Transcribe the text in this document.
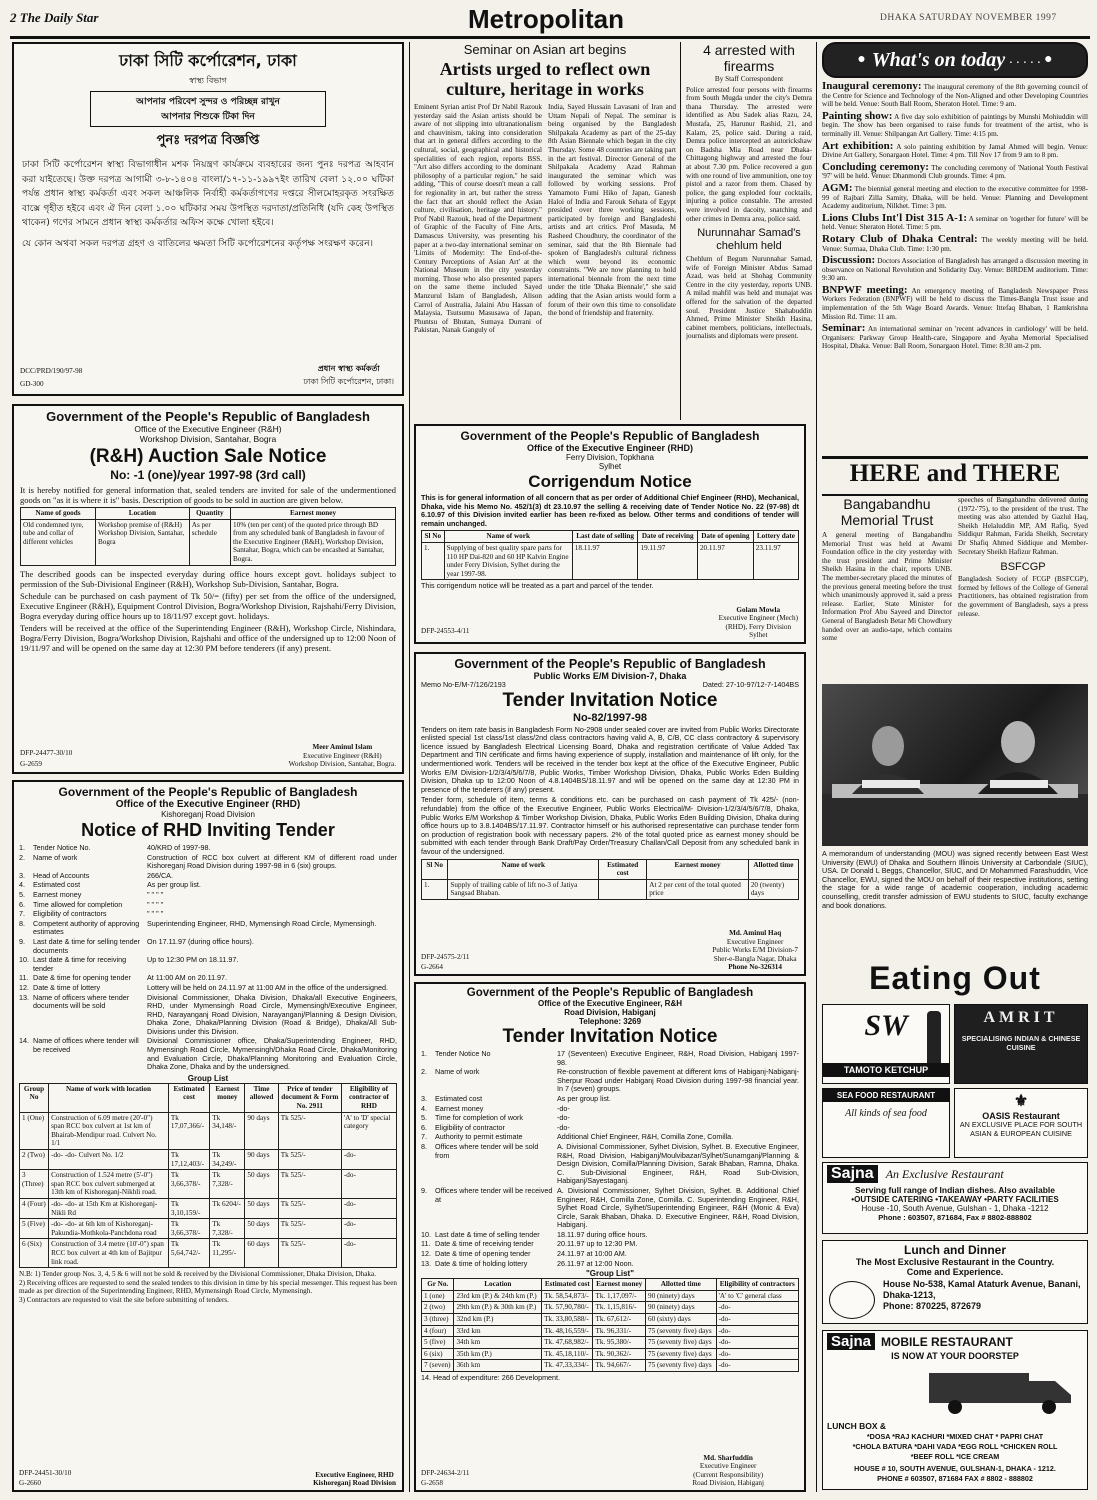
2 The Daily Star	Metropolitan	DHAKA SATURDAY NOVEMBER 1997
ঢাকা সিটি কর্পোরেশন, ঢাকা
স্বাস্থ্য বিভাগ
আপনার পরিবেশ সুন্দর ও পরিচ্ছন্ন রাখুন
আপনার শিশুকে টিকা দিন
পুনঃ দরপত্র বিজ্ঞপ্তি
ঢাকা সিটি কর্পোরেশন স্বাস্থ্য বিভাগাধীন মশক নিয়ন্ত্রণ কার্যক্রমে ব্যবহারের জন্য পুনঃ দরপত্র আহবান করা যাইতেছে। উক্ত দরপত্র আগামী ৩-৮-১৪০৪ বাংলা/১৭-১১-১৯৯৭ইং তারিখ বেলা ১২.০০ ঘটিকা পর্যন্ত প্রধান স্বাস্থ্য কর্মকর্তা এবং সকল আঞ্চলিক নির্বাহী কর্মকর্তাগণের দপ্তরে সীলমোহরকৃত সংরক্ষিত বাক্সে গৃহীত হইবে এবং ঐ দিন বেলা ১.০০ ঘটিকার সময় উপস্থিত দরদাতা/প্রতিনিধি (যদি কেহ উপস্থিত থাকেন) গণের সামনে প্রধান স্বাস্থ্য কর্মকর্তার অফিস কক্ষে খোলা হইবে।
যে কোন অথবা সকল দরপত্র গ্রহণ ও বাতিলের ক্ষমতা সিটি কর্পোরেশনের কর্তৃপক্ষ সংরক্ষণ করেন।
DCC/PRD/190/97-98
GD-300
প্রধান স্বাস্থ্য কর্মকর্তা
ঢাকা সিটি কর্পোরেশন, ঢাকা।
Government of the People's Republic of Bangladesh
Office of the Executive Engineer (R&H)
Workshop Division, Santahar, Bogra
(R&H) Auction Sale Notice
No: -1 (one)/year 1997-98 (3rd call)
It is hereby notified for general information that, sealed tenders are invited for sale of the undermentioned goods on "as it is where it is" basis. Description of goods to be sold in auction are given below.
Name of goods	Location	Quantity	Earnest money
Old condemned tyre, tube and collar of different vehicles	Workshop premise of (R&H) Workshop Division, Santahar, Bogra	As per schedule	10% (ten per cent) of the quoted price through BD from any scheduled bank of Bangladesh in favour of the Executive Engineer (R&H), Workshop Division, Santahar, Bogra, which can be encashed at Santahar, Bogra.
The described goods can be inspected everyday during office hours except govt. holidays subject to permission of the Sub-Divisional Engineer (R&H), Workshop Sub-Division, Santahar, Bogra.
Schedule can be purchased on cash payment of Tk 50/= (fifty) per set from the office of the undersigned, Executive Engineer (R&H), Equipment Control Division, Bogra/Workshop Division, Rajshahi/Ferry Division, Bogra everyday during office hours up to 18/11/97 except govt. holidays.
Tenders will be received at the office of the Superintending Engineer (R&H), Workshop Circle, Nishindara, Bogra/Ferry Division, Bogra/Workshop Division, Rajshahi and office of the undersigned up to 12:00 Noon of 19/11/97 and will be opened on the same day at 12:30 PM before tenderers (if any) present.
DFP-24477-30/10
G-2659
Meer Aminul Islam
Executive Engineer (R&H)
Workshop Division, Santahar, Bogra.
Government of the People's Republic of Bangladesh
Office of the Executive Engineer (RHD)
Kishoreganj Road Division
Notice of RHD Inviting Tender
1.	Tender Notice No.	40/KRD of 1997-98.
2.	Name of work	Construction of RCC box culvert at different KM of different road under Kishoreganj Road Division during 1997-98 in 6 (six) groups.
3.	Head of Accounts	266/CA.
4.	Estimated cost	As per group list.
5.	Earnest money	" " " "
6.	Time allowed for completion	" " " "
7.	Eligibility of contractors	" " " "
8.	Competent authority of approving estimates
Superintending Engineer, RHD, Mymensingh Road Circle, Mymensingh.
9.	Last date & time for selling tender documents
On 17.11.97 (during office hours).
10. Last date & time for receiving tender
Up to 12:30 PM on 18.11.97.
11. Date & time for opening tender	At 11:00 AM on 20.11.97.
12. Date & time of lottery	Lottery will be held on 24.11.97 at 11:00 AM in the office of the undersigned.
13. Name of officers where tender documents will be sold
Divisional Commissioner, Dhaka Division, Dhaka/all Executive Engineers, RHD, under Mymensingh Road Circle, Mymensingh/Executive Engineer, RHD, Narayanganj Road Division, Narayanganj/Planning & Design Division, Dhaka Zone, Dhaka/Planning Division (Road & Bridge), Dhaka/All Sub-Divisions under this Division.
14. Name of offices where tender will be received
Divisional Commissioner office, Dhaka/Superintending Engineer, RHD, Mymensingh Road Circle, Mymensingh/Dhaka Road Circle, Dhaka/Monitoring and Evaluation Circle, Dhaka/Planning Monitoring and Evaluation Circle, Dhaka Zone, Dhaka and by the undersigned.
Group List
Group No	Name of work with location	Estimated cost	Earnest money	Time allowed	Price of tender document & Form No. 2911	Eligibility of contractor of RHD
1 (One)	Construction of 6.09 metre (20'-0") span RCC box culvert at 1st km of Bhairab-Mendipur road. Culvert No. 1/1	Tk 17,07,366/-	Tk 34,148/-	90 days	Tk 525/-	'A' to 'D' special category
2 (Two)	-do- -do- Culvert No. 1/2	Tk 17,12,403/-	Tk 34,249/-	90 days	Tk 525/-	-do-
3 (Three)	Construction of 1.524 metre (5'-0") span RCC box culvert submerged at 13th km of Kishoreganj-Nikhli road.	Tk 3,66,378/-	Tk 7,328/-	50 days	Tk 525/-	-do-
4 (Four)	-do- -do- at 15th Km at Kishoreganj-Nikli Rd	Tk 3,10,159/-	Tk 6204/-	50 days	Tk 525/-	-do-
5 (Five)	-do- -do- at 6th km of Kishoreganj-Pakundia-Mothkola-Panchdona road	Tk 3,66,378/-	Tk 7,328/-	50 days	Tk 525/-	-do-
6 (Six)	Construction of 3.4 metre (10'-0") span RCC box culvert at 4th km of Bajitpur link road.	Tk 5,64,742/-	Tk 11,295/-	60 days	Tk 525/-	-do-
N.B: 1) Tender group Nos. 3, 4, 5 & 6 will not be sold & received by the Divisional Commissioner, Dhaka Division, Dhaka.
2) Receiving offices are requested to send the sealed tenders to this division in time by his special messenger. This request has been made as per direction of the Superintending Engineer, RHD, Mymensingh Road Circle, Mymensingh.
3) Contractors are requested to visit the site before submitting of tenders.
DFP-24451-30/10
G-2660
Executive Engineer, RHD
Kishoreganj Road Division
Seminar on Asian art begins
Artists urged to reflect own culture, heritage in works
Eminent Syrian artist Prof Dr Nabil Razouk yesterday said the Asian artists should be aware of not slipping into ultranationalism and chauvinism, taking into consideration that art in general differs according to the cultural, social, geographical and historical specialities of each region, reports BSS. "Art also differs according to the dominant philosophy of a particular region," he said adding, "This of course doesn't mean a call for regionality in art, but rather the stress the fact that art should reflect the Asian culture, civilisation, heritage and history." Prof Nabil Razouk, head of the Department of Graphic of the Faculty of Fine Arts, Damascus University, was presenting his paper at a two-day international seminar on 'Limits of Modernity: The End-of-the-Century Perceptions of Asian Art' at the National Museum in the city yesterday morning. Those who also presented papers on the same theme included Sayed Manzurul Islam of Bangladesh, Alison Carrol of Australia, Jalaini Abu Hassan of Malaysia, Tsutsumu Masusawa of Japan, Phuntsu of Bhutan, Sumaya Durrani of Pakistan, Nanak Ganguly of
India, Sayed Hussain Lavasani of Iran and Uttam Nepali of Nepal. The seminar is being organised by the Bangladesh Shilpakala Academy as part of the 25-day 8th Asian Biennale which began in the city Thursday. Some 48 countries are taking part in the art festival. Director General of the Shilpakala Academy Azad Rahman inaugurated the seminar which was followed by working sessions. Prof Yamamoto Fumi Hiko of Japan, Ganesh Haloi of India and Farouk Sehata of Egypt presided over three working sessions, participated by foreign and Bangladeshi artists and art critics. Prof Masuda, M Rasheed Choudhury, the coordinator of the seminar, said that the 8th Biennale had spoken of Bangladesh's cultural richness which went beyond its economic constraints. "We are now planning to hold international biennale from the next time under the title 'Dhaka Biennale'," she said adding that the Asian artists would form a forum of their own this time to consolidate the bond of friendship and fraternity.
4 arrested with firearms
By Staff Correspondent
Police arrested four persons with firearms from South Mugda under the city's Demra thana Thursday. The arrested were identified as Abu Sadek alias Razu, 24, Mustafa, 25, Harunur Rashid, 21, and Kalam, 25, police said. During a raid, Demra police intercepted an autorickshaw on Badsha Mia Road near Dhaka-Chittagong highway and arrested the four at about 7.30 pm. Police recovered a gun with one round of live ammunition, one toy pistol and a razor from them. Chased by police, the gang exploded four cocktails, injuring a police constable. The arrested were involved in dacoity, snatching and other crimes in Demra area, police said.
Nurunnahar Samad's chehlum held
Chehlum of Begum Nurunnahar Samad, wife of Foreign Minister Abdus Samad Azad, was held at Shohag Community Centre in the city yesterday, reports UNB. A milad mahfil was held and munajat was offered for the salvation of the departed soul. President Justice Shahabuddin Ahmed, Prime Minister Sheikh Hasina, cabinet members, politicians, intellectuals, journalists and diplomats were present.
Government of the People's Republic of Bangladesh
Office of the Executive Engineer (RHD)
Ferry Division, Topkhana
Sylhet
Corrigendum Notice
This is for general information of all concern that as per order of Additional Chief Engineer (RHD), Mechanical, Dhaka, vide his Memo No. 452/1(3) dt 23.10.97 the selling & receiving date of Tender Notice No. 22 (97-98) dt 6.10.97 of this Division invited earlier has been re-fixed as below. Other terms and conditions of tender will remain unchanged.
Sl No	Name of work	Last date of selling	Date of receiving	Date of opening	Lottery date
1.	Supplying of best quality spare parts for 110 HP Dai-820 and 60 HP Kalvin Engine under Ferry Division, Sylhet during the year 1997-98.	18.11.97	19.11.97	20.11.97	23.11.97
This corrigendum notice will be treated as a part and parcel of the tender.
DFP-24553-4/11
Golam Mowla
Executive Engineer (Mech)
(RHD), Ferry Division
Sylhet
Government of the People's Republic of Bangladesh
Public Works E/M Division-7, Dhaka
Memo No-E/M-7/126/2193	Dated: 27-10-97/12-7-1404BS
Tender Invitation Notice
No-82/1997-98
Tenders on item rate basis in Bangladesh Form No-2908 under sealed cover are invited from Public Works Directorate enlisted special 1st class/1st class/2nd class contractors having valid A, B, C/B, CC class contractory & supervisory licence issued by Bangladesh Electrical Licensing Board, Dhaka and registration certificate of Value Added Tax Department and TIN certificate and firms having experience of supply, installation and maintenance of lift only, for the undermentioned work. Tenders will be received in the tender box kept at the office of the Executive Engineer, Public Works E/M Division-1/2/3/4/5/6/7/8, Public Works, Timber Workshop Division, Dhaka, Public Works Eden Building Division, Dhaka up to 12:00 Noon of 4.8.1404BS/18.11.97 and will be opened on the same day at 12:30 PM in presence of the tenderers (if any) present.
Tender form, schedule of item, terms & conditions etc. can be purchased on cash payment of Tk 425/- (non-refundable) from the office of the Executive Engineer, Public Works Electrical/M- Division-1/2/3/4/5/6/7/8, Dhaka, Public Works E/M Workshop & Timber Workshop Division, Dhaka, Public Works Eden Building Division, Dhaka during office hours up to 3.8.1404BS/17.11.97. Contractor himself or his authorised representative can purchase tender form on production of registration book with necessary papers. 2% of the total quoted price as earnest money should be submitted with each tender through Bank Draft/Pay Order/Treasury Challan/Call Deposit from any scheduled bank in favour of the undersigned.
Sl No	Name of work	Estimated cost	Earnest money	Allotted time
1.	Supply of trailing cable of lift no-3 of Jatiya Sangsad Bhaban.		At 2 per cent of the total quoted price	20 (twenty) days
DFP-24575-2/11
G-2664
Md. Aminul Haq
Executive Engineer
Public Works E/M Division-7
Sher-e-Bangla Nagar, Dhaka
Phone No-326314
Government of the People's Republic of Bangladesh
Office of the Executive Engineer, R&H
Road Division, Habiganj
Telephone: 3269
Tender Invitation Notice
1.	Tender Notice No	17 (Seventeen) Executive Engineer, R&H, Road Division, Habiganj 1997-98.
2.	Name of work	Re-construction of flexible pavement at different kms of Habiganj-Nabiganj-Sherpur Road under Habiganj Road Division during 1997-98 financial year. In 7 (seven) groups.
3.	Estimated cost	As per group list.
4.	Earnest money	-do-
5.	Time for completion of work	-do-
6.	Eligibility of contractor	-do-
7.	Authority to permit estimate	Additional Chief Engineer, R&H, Comilla Zone, Comilla.
8.	Offices where tender will be sold from
A. Divisional Commissioner, Sylhet Division, Sylhet. B. Executive Engineer, R&H, Road Division, Habiganj/Moulvibazar/Sylhet/Sunamganj/Planning & Design Division, Comilla/Planning Division, Sarak Bhaban, Ramna, Dhaka. C. Sub-Divisional Engineer, R&H, Road Sub-Division, Habiganj/Sayestaganj.
9.	Offices where tender will be received at
A. Divisional Commissioner, Sylhet Division, Sylhet. B. Additional Chief Engineer, R&H, Comilla Zone, Comilla. C. Superintending Engineer, R&H, Sylhet Road Circle, Sylhet/Superintending Engineer, R&H (Monic & Eva) Circle, Sarak Bhaban, Dhaka. D. Executive Engineer, R&H, Road Division, Habiganj.
10. Last date & time of selling tender	18.11.97 during office hours.
11. Date & time of receiving tender	20.11.97 up to 12:30 PM.
12. Date & time of opening tender	24.11.97 at 10:00 AM.
13. Date & time of holding lottery	26.11.97 at 12:00 Noon.
"Group List"
Gr No.	Location	Estimated cost	Earnest money	Allotted time	Eligibility of contractors
1 (one)	23rd km (P.) & 24th km (P.)	Tk. 58,54,873/-	Tk. 1,17,097/-	90 (ninety) days	'A' to 'C' general class
2 (two)	29th km (P.) & 30th km (P.)	Tk. 57,90,780/-	Tk. 1,15,816/-	90 (ninety) days	-do-
3 (three)	32nd km (P.)	Tk. 33,80,588/-	Tk. 67,612/-	60 (sixty) days	-do-
4 (four)	33rd km	Tk. 48,16,559/-	Tk. 96,331/-	75 (seventy five) days	-do-
5 (five)	34th km	Tk. 47,68,982/-	Tk. 95,380/-	75 (seventy five) days	-do-
6 (six)	35th km (P.)	Tk. 45,18,110/-	Tk. 90,362/-	75 (seventy five) days	-do-
7 (seven)	36th km	Tk. 47,33,334/-	Tk. 94,667/-	75 (seventy five) days	-do-
14. Head of expenditure: 266 Development.
DFP-24634-2/11
G-2658
Md. Sharfuddin
Executive Engineer
(Current Responsibility)
Road Division, Habiganj
● What's on today . . . . . ●
Inaugural ceremony: The inaugural ceremony of the 8th governing council of the Centre for Science and Technology of the Non-Aligned and other Developing Countries will be held. Venue: South Ball Room, Sheraton Hotel. Time: 9 am.
Painting show: A five day solo exhibition of paintings by Munshi Mohiuddin will begin. The show has been organised to raise funds for treatment of the artist, who is terminally ill. Venue: Shilpangan Art Gallery. Time: 4:15 pm.
Art exhibition: A solo painting exhibition by Jamal Ahmed will begin. Venue: Divine Art Gallery, Sonargaon Hotel. Time: 4 pm. Till Nov 17 from 9 am to 8 pm.
Concluding ceremony: The concluding ceremony of 'National Youth Festival '97' will be held. Venue: Dhanmondi Club grounds. Time: 4 pm.
AGM: The biennial general meeting and election to the executive committee for 1998-99 of Rajbari Zilla Samity, Dhaka, will be held. Venue: Planning and Development Academy auditorium, Nilkhet. Time: 3 pm.
Lions Clubs Int'l Dist 315 A-1: A seminar on 'together for future' will be held. Venue: Sheraton Hotel. Time: 5 pm.
Rotary Club of Dhaka Central: The weekly meeting will be held. Venue: Surmaa, Dhaka Club. Time: 1:30 pm.
Discussion: Doctors Association of Bangladesh has arranged a discussion meeting in observance on National Revolution and Solidarity Day. Venue: BIRDEM auditorium. Time: 9:30 am.
BNPWF meeting: An emergency meeting of Bangladesh Newspaper Press Workers Federation (BNPWF) will be held to discuss the Times-Bangla Trust issue and implementation of the 5th Wage Board Awards. Venue: Ittefaq Bhaban, 1 Ramkrishna Mission Rd. Time: 11 am.
Seminar: An international seminar on 'recent advances in cardiology' will be held. Organisers: Parkway Group Health-care, Singapore and Ayaha Memorial Specialised Hospital, Dhaka. Venue: Ball Room, Sonargaon Hotel. Time: 8:30 am-2 pm.
HERE and THERE
Bangabandhu Memorial Trust
A general meeting of Bangabandhu Memorial Trust was held at Awami Foundation office in the city yesterday with the trust president and Prime Minister Sheikh Hasina in the chair, reports UNB. The member-secretary placed the minutes of the previous general meeting before the trust which unanimously approved it, said a press release. Earlier, State Minister for Information Prof Abu Sayeed and Director General of Bangladesh Betar Mi Chowdhury handed over an audio-tape, which contains some
speeches of Bangabandhu delivered during (1972-'75), to the president of the trust. The meeting was also attended by Gazlul Haq, Sheikh Helaluddin MP, AM Rafiq, Syed Siddiqur Rahman, Farida Sheikh, Secretary Dr Shafiq Ahmed Siddique and Member-Secretary Sheikh Hafizur Rahman.
BSFCGP
Bangladesh Society of FCGP (BSFCGP), formed by fellows of the College of General Practitioners, has obtained registration from the government of Bangladesh, says a press release.
A memorandum of understanding (MOU) was signed recently between East West University (EWU) of Dhaka and Southern Illinois University at Carbondale (SIUC), USA. Dr Donald L Beggs, Chancellor, SIUC, and Dr Mohammed Farashuddin, Vice Chancellor, EWU, signed the MOU on behalf of their respective institutions, setting the stage for a wide range of academic cooperation, including academic counselling, credit transfer admission of EWU students to SIUC, faculty exchange and book donations.
Eating Out
SW
TAMOTO KETCHUP
AMRIT
SPECIALISING INDIAN & CHINESE CUISINE
SEA FOOD RESTAURANT
All kinds of sea food
⚜
OASIS Restaurant
AN EXCLUSIVE PLACE FOR SOUTH ASIAN & EUROPEAN CUISINE
Sajna	An Exclusive Restaurant
Serving full range of Indian dishes. Also available
•OUTSIDE CATERING •TAKEAWAY •PARTY FACILITIES
House -10, South Avenue, Gulshan - 1, Dhaka -1212
Phone : 603507, 871684, Fax # 8802-888802
Lunch and Dinner
The Most Exclusive Restaurant in the Country.
Come and Experience.
House No-538, Kamal Ataturk Avenue, Banani, Dhaka-1213,
Phone: 870225, 872679
Sajna MOBILE RESTAURANT
IS NOW AT YOUR DOORSTEP
LUNCH BOX &
*DOSA *RAJ KACHURI *MIXED CHAT * PAPRI CHAT
*CHOLA BATURA *DAHI VADA *EGG ROLL *CHICKEN ROLL
*BEEF ROLL *ICE CREAM
HOUSE # 10, SOUTH AVENUE, GULSHAN-1, DHAKA - 1212.
PHONE # 603507, 871684 FAX # 8802 - 888802
